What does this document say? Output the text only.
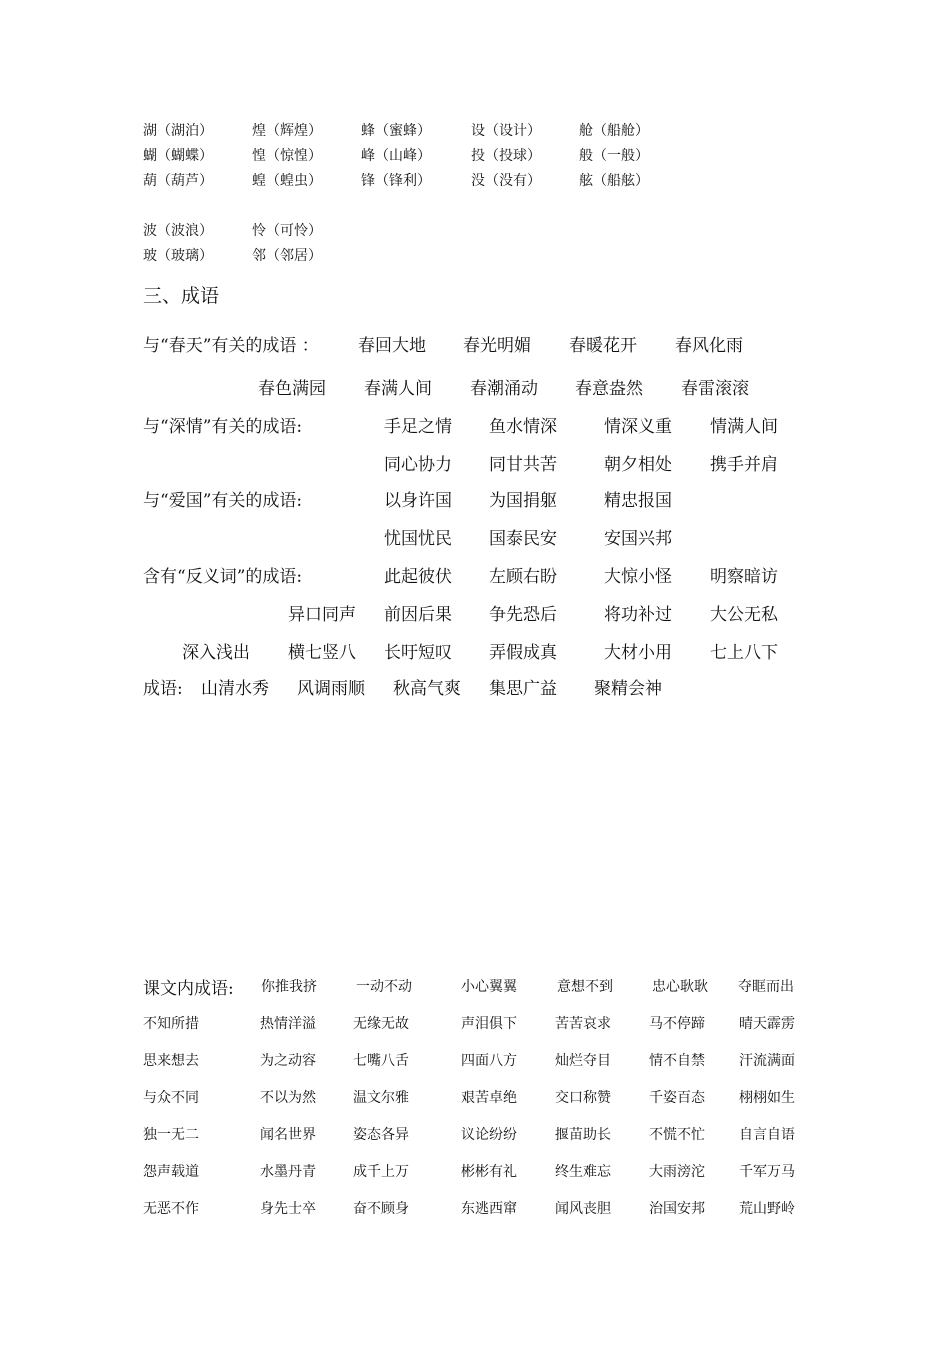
湖（湖泊）	煌（辉煌）	蜂（蜜蜂）	设（设计）	舱（船舱）
蝴（蝴蝶）	惶（惊惶）	峰（山峰）	投（投球）	般（一般）
葫（葫芦）	蝗（蝗虫）	锋（锋利）	没（没有）	舷（船舷）
波（波浪）	怜（可怜）
玻（玻璃）	邻（邻居）
三、成语
与“春天”有关的成语 ： 春回大地 春光明媚 春暖花开 春风化雨
春色满园 春满人间 春潮涌动 春意盎然 春雷滚滚
与“深情”有关的成语:	手足之情 鱼水情深	情深义重 情满人间
同心协力 同甘共苦	朝夕相处 携手并肩
与“爱国”有关的成语:	以身许国 为国捐躯	精忠报国
忧国忧民 国泰民安	安国兴邦
含有“反义词”的成语:	此起彼伏 左顾右盼	大惊小怪 明察暗访
异口同声 前因后果 争先恐后	将功补过 大公无私
深入浅出 横七竖八 长吁短叹 弄假成真	大材小用 七上八下
成语: 山清水秀 风调雨顺 秋高气爽 集思广益 聚精会神
课文内成语: 你推我挤	一动不动	小心翼翼	意想不到	忠心耿耿 夺眶而出
不知所措	热情洋溢	无缘无故	声泪俱下	苦苦哀求	马不停蹄 晴天霹雳
思来想去	为之动容	七嘴八舌	四面八方	灿烂夺目	情不自禁 汗流满面
与众不同	不以为然	温文尔雅	艰苦卓绝	交口称赞	千姿百态 栩栩如生
独一无二	闻名世界	姿态各异	议论纷纷	揠苗助长	不慌不忙 自言自语
怨声载道	水墨丹青	成千上万	彬彬有礼	终生难忘	大雨滂沱 千军万马
无恶不作	身先士卒	奋不顾身	东逃西窜	闻风丧胆	治国安邦 荒山野岭
